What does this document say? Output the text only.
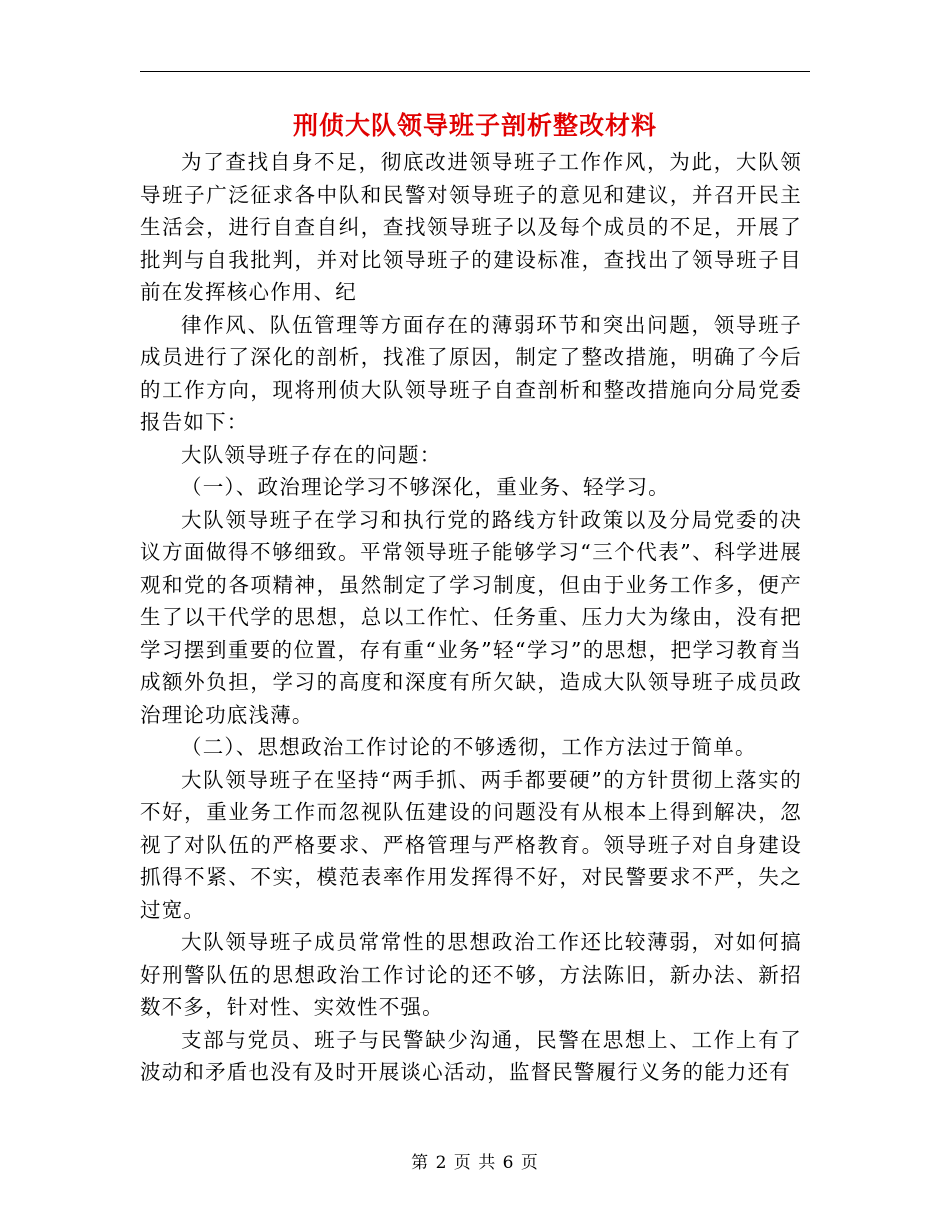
刑侦大队领导班子剖析整改材料

为了查找自身不足，彻底改进领导班子工作作风，为此，大队领导班子广泛征求各中队和民警对领导班子的意见和建议，并召开民主生活会，进行自查自纠，查找领导班子以及每个成员的不足，开展了批判与自我批判，并对比领导班子的建设标准，查找出了领导班子目前在发挥核心作用、纪

律作风、队伍管理等方面存在的薄弱环节和突出问题，领导班子成员进行了深化的剖析，找准了原因，制定了整改措施，明确了今后的工作方向，现将刑侦大队领导班子自查剖析和整改措施向分局党委报告如下：

大队领导班子存在的问题：

（一）、政治理论学习不够深化，重业务、轻学习。

大队领导班子在学习和执行党的路线方针政策以及分局党委的决议方面做得不够细致。平常领导班子能够学习“三个代表”、科学进展观和党的各项精神，虽然制定了学习制度，但由于业务工作多，便产生了以干代学的思想，总以工作忙、任务重、压力大为缘由，没有把学习摆到重要的位置，存有重“业务”轻“学习”的思想，把学习教育当成额外负担，学习的高度和深度有所欠缺，造成大队领导班子成员政治理论功底浅薄。

（二）、思想政治工作讨论的不够透彻，工作方法过于简单。

大队领导班子在坚持“两手抓、两手都要硬”的方针贯彻上落实的不好，重业务工作而忽视队伍建设的问题没有从根本上得到解决，忽视了对队伍的严格要求、严格管理与严格教育。领导班子对自身建设抓得不紧、不实，模范表率作用发挥得不好，对民警要求不严，失之过宽。

大队领导班子成员常常性的思想政治工作还比较薄弱，对如何搞好刑警队伍的思想政治工作讨论的还不够，方法陈旧，新办法、新招数不多，针对性、实效性不强。

支部与党员、班子与民警缺少沟通，民警在思想上、工作上有了波动和矛盾也没有及时开展谈心活动，监督民警履行义务的能力还有

第 2 页 共 6 页
